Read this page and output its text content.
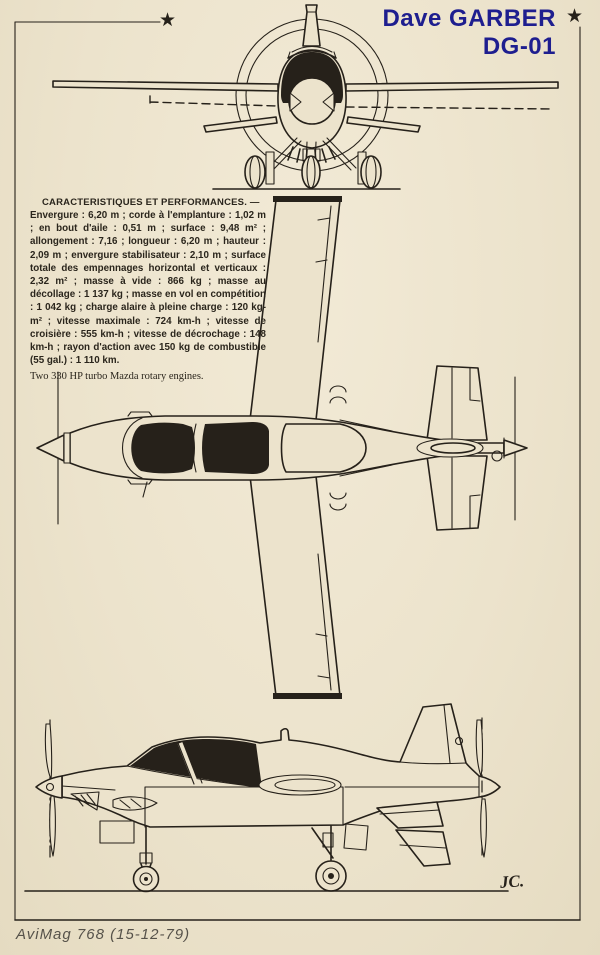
★	★
Dave GARBER
DG-01
CARACTERISTIQUES ET PERFORMANCES. —
Envergure : 6,20 m ; corde à l'emplanture : 1,02 m ; en bout d'aile : 0,51 m ; surface : 9,48 m² ; allongement : 7,16 ; longueur : 6,20 m ; hauteur : 2,09 m ; envergure stabilisateur : 2,10 m ; surface totale des empennages horizontal et verticaux : 2,32 m² ; masse à vide : 866 kg ; masse au décollage : 1 137 kg ; masse en vol en compétition : 1 042 kg ; charge alaire à pleine charge : 120 kg-m² ; vitesse maximale : 724 km-h ; vitesse de croisière : 555 km-h ; vitesse de décrochage : 148 km-h ; rayon d'action avec 150 kg de combustible (55 gal.) : 1 110 km.
Two 330 HP turbo Mazda rotary engines.
JC.
AviMag 768 (15-12-79)
